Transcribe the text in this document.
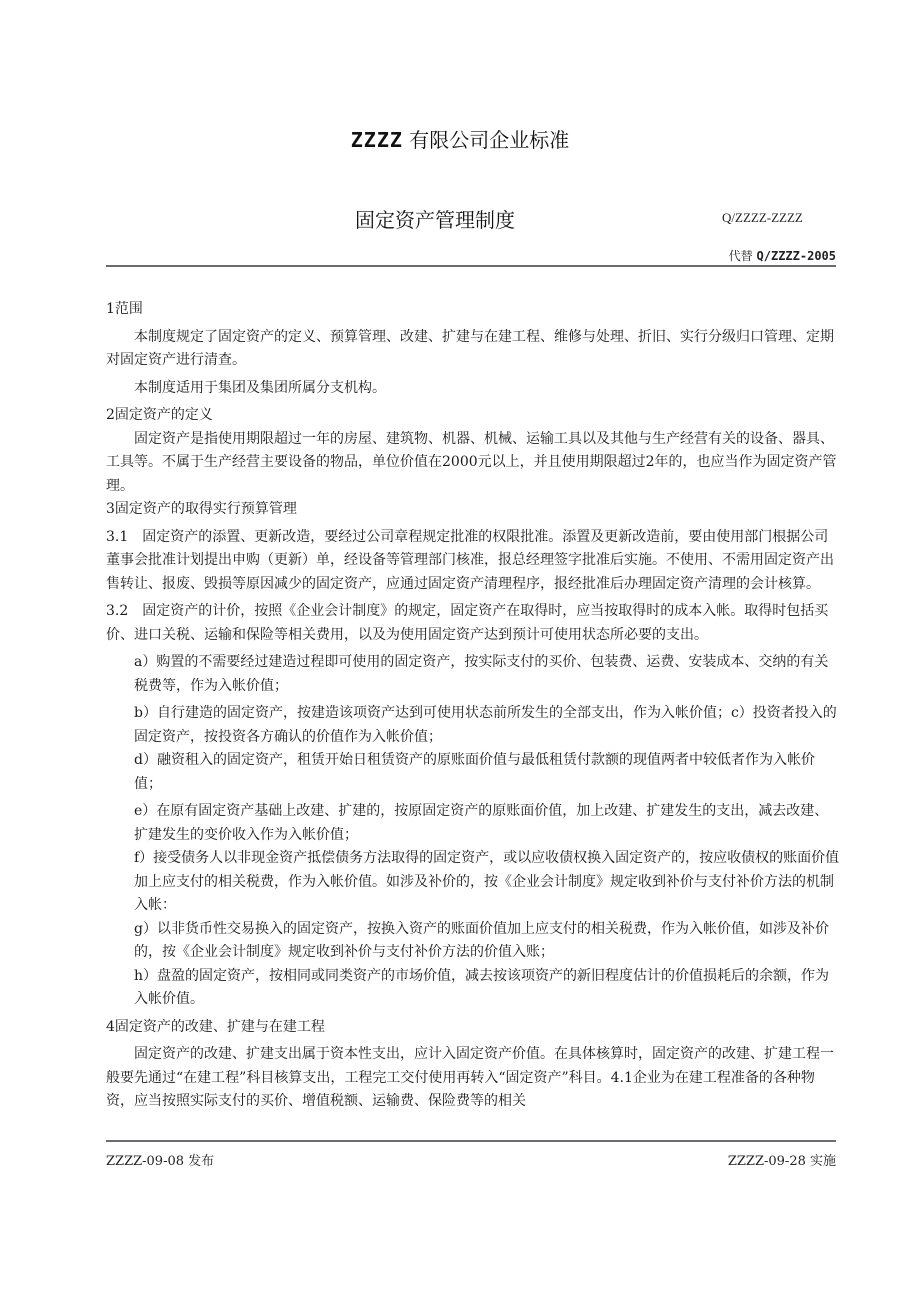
ZZZZ 有限公司企业标准
固定资产管理制度	Q/ZZZZ-ZZZZ
代替 Q/ZZZZ-2005

1范围

本制度规定了固定资产的定义、预算管理、改建、扩建与在建工程、维修与处理、折旧、实行分级归口管理、定期对固定资产进行清查。

本制度适用于集团及集团所属分支机构。

2固定资产的定义

固定资产是指使用期限超过一年的房屋、建筑物、机器、机械、运输工具以及其他与生产经营有关的设备、器具、工具等。不属于生产经营主要设备的物品，单位价值在2000元以上，并且使用期限超过2年的，也应当作为固定资产管理。

3固定资产的取得实行预算管理

3.1　固定资产的添置、更新改造，要经过公司章程规定批准的权限批准。添置及更新改造前，要由使用部门根据公司董事会批准计划提出申购（更新）单，经设备等管理部门核准，报总经理签字批准后实施。不使用、不需用固定资产出售转让、报废、毁损等原因减少的固定资产，应通过固定资产清理程序，报经批准后办理固定资产清理的会计核算。

3.2　固定资产的计价，按照《企业会计制度》的规定，固定资产在取得时，应当按取得时的成本入帐。取得时包括买价、进口关税、运输和保险等相关费用，以及为使用固定资产达到预计可使用状态所必要的支出。

a）购置的不需要经过建造过程即可使用的固定资产，按实际支付的买价、包装费、运费、安装成本、交纳的有关税费等，作为入帐价值；

b）自行建造的固定资产，按建造该项资产达到可使用状态前所发生的全部支出，作为入帐价值；c）投资者投入的固定资产，按投资各方确认的价值作为入帐价值；

d）融资租入的固定资产，租赁开始日租赁资产的原账面价值与最低租赁付款额的现值两者中较低者作为入帐价值；

e）在原有固定资产基础上改建、扩建的，按原固定资产的原账面价值，加上改建、扩建发生的支出，减去改建、扩建发生的变价收入作为入帐价值；

f）接受债务人以非现金资产抵偿债务方法取得的固定资产，或以应收债权换入固定资产的，按应收债权的账面价值加上应支付的相关税费，作为入帐价值。如涉及补价的，按《企业会计制度》规定收到补价与支付补价方法的机制入帐：

g）以非货币性交易换入的固定资产，按换入资产的账面价值加上应支付的相关税费，作为入帐价值，如涉及补价的，按《企业会计制度》规定收到补价与支付补价方法的价值入账；

h）盘盈的固定资产，按相同或同类资产的市场价值，减去按该项资产的新旧程度估计的价值损耗后的余额，作为入帐价值。

4固定资产的改建、扩建与在建工程

固定资产的改建、扩建支出属于资本性支出，应计入固定资产价值。在具体核算时，固定资产的改建、扩建工程一般要先通过“在建工程”科目核算支出，工程完工交付使用再转入“固定资产”科目。4.1企业为在建工程准备的各种物资，应当按照实际支付的买价、增值税额、运输费、保险费等的相关

ZZZZ-09-08 发布	ZZZZ-09-28 实施
